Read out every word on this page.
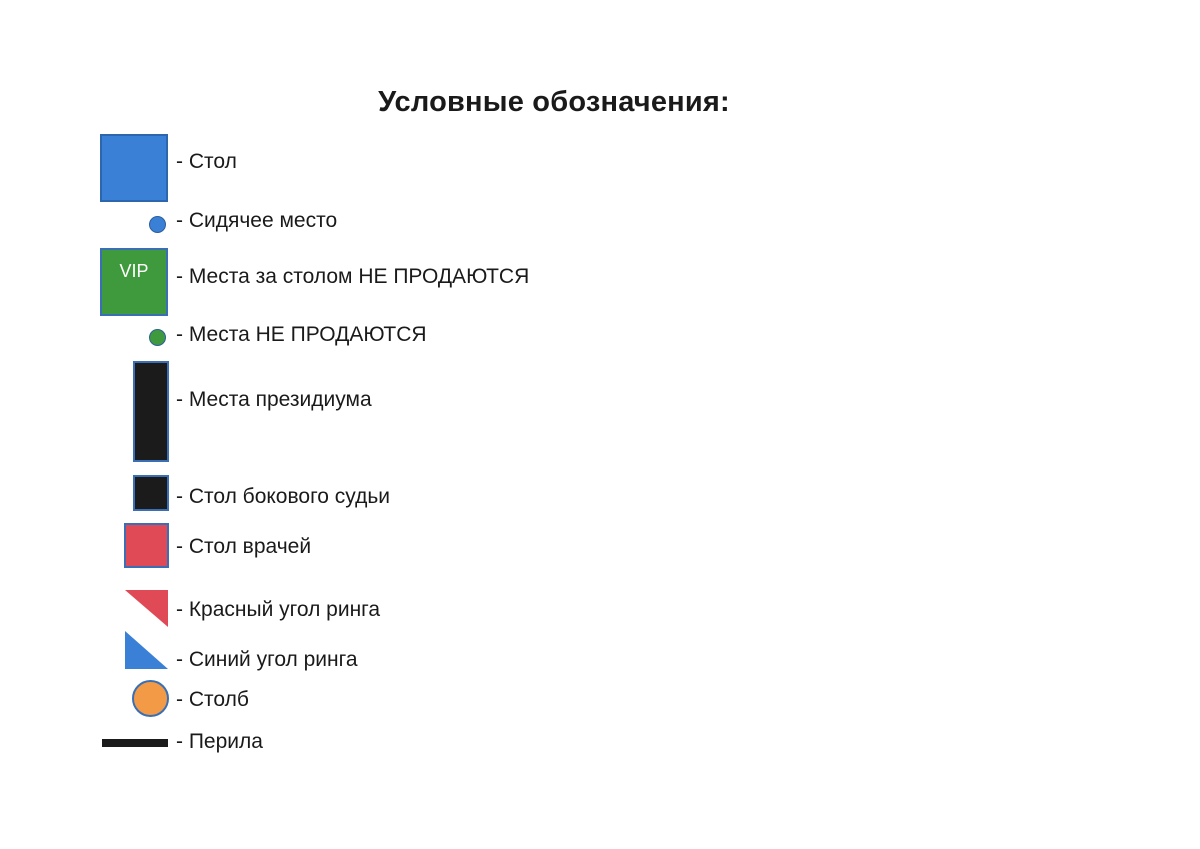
Условные обозначения:
- Стол
- Сидячее место
VIP	- Места за столом НЕ ПРОДАЮТСЯ
- Места НЕ ПРОДАЮТСЯ
- Места президиума
- Стол бокового судьи
- Стол врачей
- Красный угол ринга
- Синий угол ринга
- Столб
- Перила
